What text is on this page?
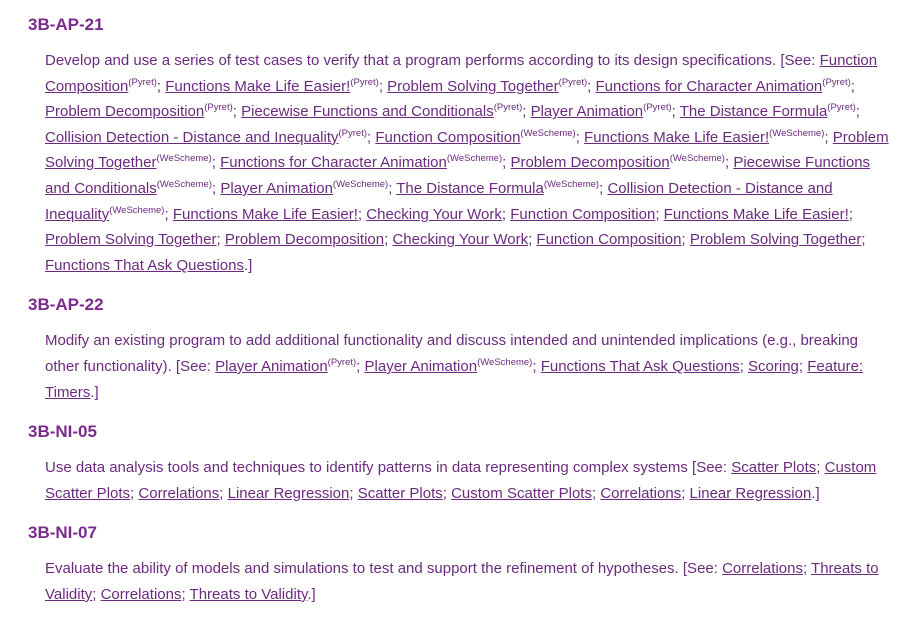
3B-AP-21
Develop and use a series of test cases to verify that a program performs according to its design specifications. [See: Function Composition$^{(Pyret)}$; Functions Make Life Easier!$^{(Pyret)}$; Problem Solving Together$^{(Pyret)}$; Functions for Character Animation$^{(Pyret)}$; Problem Decomposition$^{(Pyret)}$; Piecewise Functions and Conditionals$^{(Pyret)}$; Player Animation$^{(Pyret)}$; The Distance Formula$^{(Pyret)}$; Collision Detection - Distance and Inequality$^{(Pyret)}$; Function Composition$^{(WeScheme)}$; Functions Make Life Easier!$^{(WeScheme)}$; Problem Solving Together$^{(WeScheme)}$; Functions for Character Animation$^{(WeScheme)}$; Problem Decomposition$^{(WeScheme)}$; Piecewise Functions and Conditionals$^{(WeScheme)}$; Player Animation$^{(WeScheme)}$; The Distance Formula$^{(WeScheme)}$; Collision Detection - Distance and Inequality$^{(WeScheme)}$; Functions Make Life Easier!; Checking Your Work; Function Composition; Functions Make Life Easier!; Problem Solving Together; Problem Decomposition; Checking Your Work; Function Composition; Problem Solving Together; Functions That Ask Questions.]
3B-AP-22
Modify an existing program to add additional functionality and discuss intended and unintended implications (e.g., breaking other functionality). [See: Player Animation$^{(Pyret)}$; Player Animation$^{(WeScheme)}$; Functions That Ask Questions; Scoring; Feature: Timers.]
3B-NI-05
Use data analysis tools and techniques to identify patterns in data representing complex systems [See: Scatter Plots; Custom Scatter Plots; Correlations; Linear Regression; Scatter Plots; Custom Scatter Plots; Correlations; Linear Regression.]
3B-NI-07
Evaluate the ability of models and simulations to test and support the refinement of hypotheses. [See: Correlations; Threats to Validity; Correlations; Threats to Validity.]
